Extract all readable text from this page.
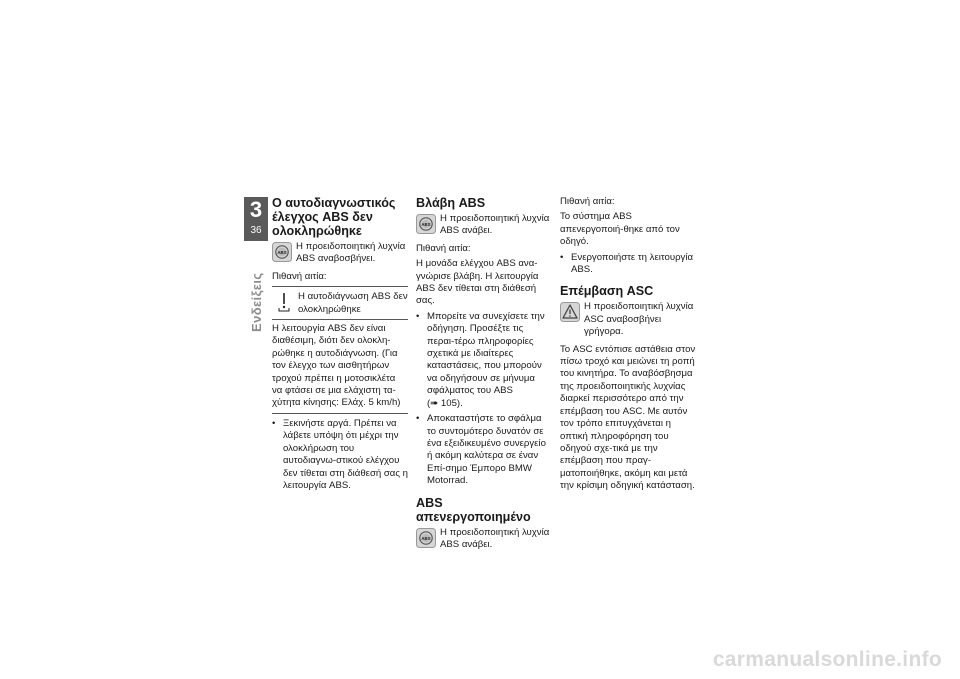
3
36
Ενδείξεις
Ο αυτοδιαγνωστικός έλεγχος ABS δεν ολοκληρώθηκε
ABS
Η προειδοποιητική λυχνία ABS αναβοσβήνει.

Πιθανή αιτία:

Η αυτοδιάγνωση ABS δεν ολοκληρώθηκε
Η λειτουργία ABS δεν είναι διαθέσιμη, διότι δεν ολοκλη-ρώθηκε η αυτοδιάγνωση. (Για τον έλεγχο των αισθητήρων τροχού πρέπει η μοτοσικλέτα να φτάσει σε μια ελάχιστη τα-χύτητα κίνησης: Ελάχ. 5 km/h)
• Ξεκινήστε αργά. Πρέπει να λάβετε υπόψη ότι μέχρι την ολοκλήρωση του αυτοδιαγνω-στικού ελέγχου δεν τίθεται στη διάθεσή σας η λειτουργία ABS.
Βλάβη ABS
ABS
Η προειδοποιητική λυχνία ABS ανάβει.

Πιθανή αιτία:

Η μονάδα ελέγχου ABS ανα-γνώρισε βλάβη. Η λειτουργία ABS δεν τίθεται στη διάθεσή σας.

• Μπορείτε να συνεχίσετε την οδήγηση. Προσέξτε τις περαι-τέρω πληροφορίες σχετικά με ιδιαίτερες καταστάσεις, που μπορούν να οδηγήσουν σε μήνυμα σφάλματος του ABS
(➠ 105).
• Αποκαταστήστε το σφάλμα το συντομότερο δυνατόν σε ένα εξειδικευμένο συνεργείο ή ακόμη καλύτερα σε έναν Επί-σημο Έμπορο BMW Motorrad.
ABS απενεργοποιημένο
ABS
Η προειδοποιητική λυχνία ABS ανάβει.

Πιθανή αιτία:

Το σύστημα ABS απενεργοποιή-θηκε από τον οδηγό.

• Ενεργοποιήστε τη λειτουργία ABS.
Επέμβαση ASC
Η προειδοποιητική λυχνία ASC αναβοσβήνει γρήγορα.

Το ASC εντόπισε αστάθεια στον πίσω τροχό και μειώνει τη ροπή του κινητήρα. Το αναβόσβησμα της προειδοποιητικής λυχνίας διαρκεί περισσότερο από την επέμβαση του ASC. Με αυτόν τον τρόπο επιτυγχάνεται η οπτική πληροφόρηση του οδηγού σχε-τικά με την επέμβαση που πραγ-ματοποιήθηκε, ακόμη και μετά την κρίσιμη οδηγική κατάσταση.

carmanualsonline.info
